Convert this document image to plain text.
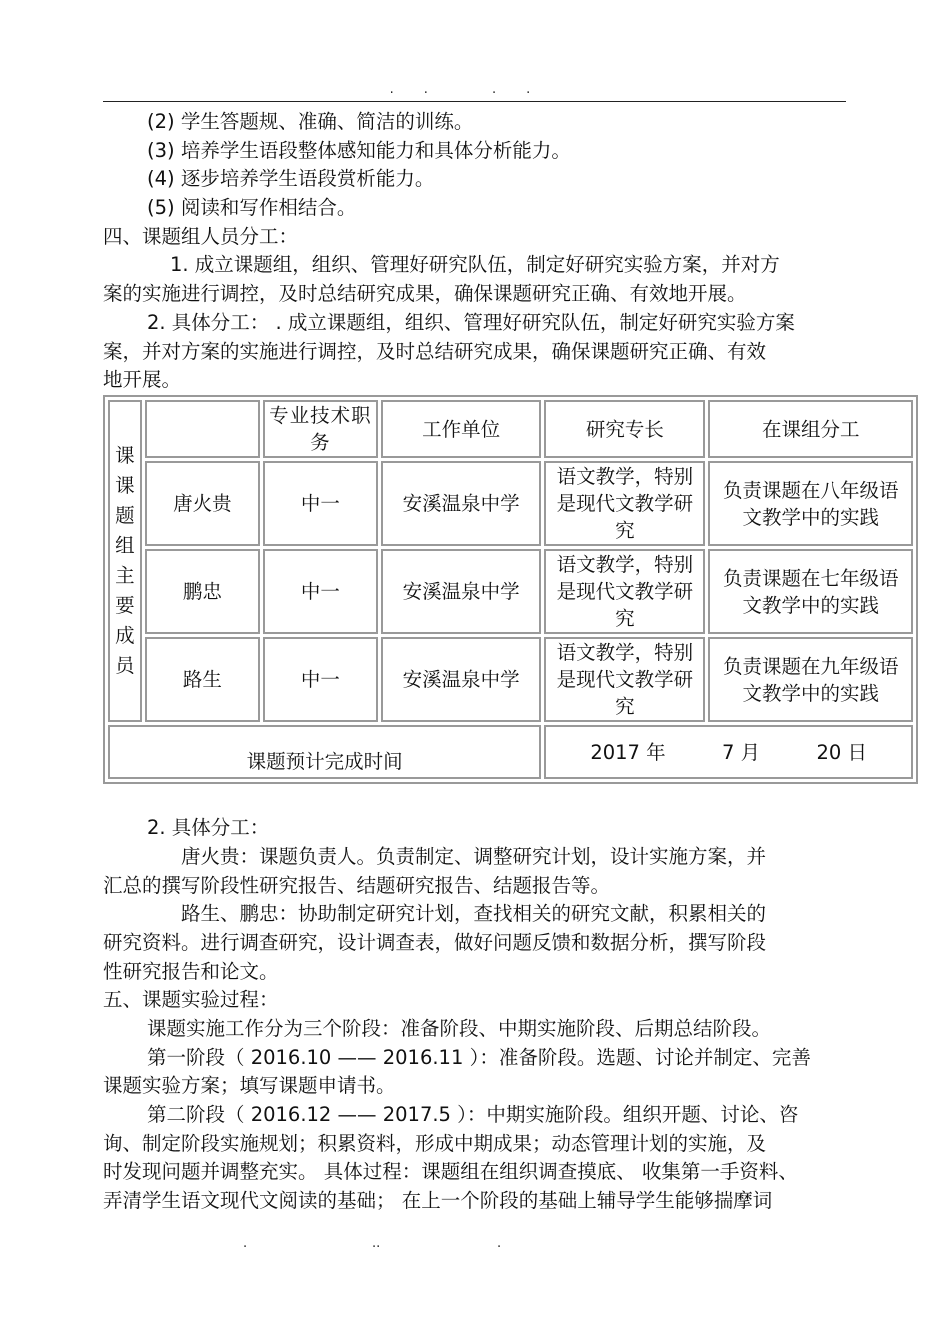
.. ..
(2) 学生答题规、准确、简洁的训练。
(3) 培养学生语段整体感知能力和具体分析能力。
(4) 逐步培养学生语段赏析能力。
(5) 阅读和写作相结合。
四、课题组人员分工：
1. 成立课题组，组织、管理好研究队伍，制定好研究实验方案，并对方
案的实施进行调控，及时总结研究成果，确保课题研究正确、有效地开展。
2. 具体分工： . 成立课题组，组织、管理好研究队伍，制定好研究实验方案
案，并对方案的实施进行调控，及时总结研究成果，确保课题研究正确、有效
地开展。
课课题组主要成员		专业技术职　务	工作单位	研究专长	在课组分工
	唐火贵	中一	安溪温泉中学	语文教学，特别是现代文教学研究	负责课题在八年级语文教学中的实践
	鹏忠	中一	安溪温泉中学	语文教学，特别是现代文教学研究	负责课题在七年级语文教学中的实践
	路生	中一	安溪温泉中学	语文教学，特别是现代文教学研究	负责课题在九年级语文教学中的实践
课题预计完成时间				2017 年 7 月 20 日	
2. 具体分工：
唐火贵：课题负责人。负责制定、调整研究计划，设计实施方案，并
汇总的撰写阶段性研究报告、结题研究报告、结题报告等。
路生、鹏忠：协助制定研究计划，查找相关的研究文献，积累相关的
研究资料。进行调查研究，设计调查表，做好问题反馈和数据分析，撰写阶段
性研究报告和论文。
五、课题实验过程：
课题实施工作分为三个阶段：准备阶段、中期实施阶段、后期总结阶段。
第一阶段（ 2016.10 —— 2016.11 ）：准备阶段。选题、讨论并制定、完善
课题实验方案；填写课题申请书。
第二阶段（ 2016.12 —— 2017.5 ）：中期实施阶段。组织开题、讨论、咨
询、制定阶段实施规划；积累资料，形成中期成果；动态管理计划的实施，及
时发现问题并调整充实。 具体过程：课题组在组织调查摸底、 收集第一手资料、
弄清学生语文现代文阅读的基础； 在上一个阶段的基础上辅导学生能够揣摩词
.	..	.
